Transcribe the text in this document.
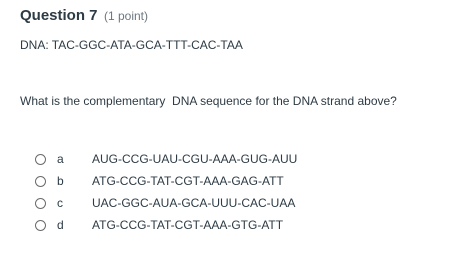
Question 7 (1 point)
DNA: TAC-GGC-ATA-GCA-TTT-CAC-TAA
What is the complementary  DNA sequence for the DNA strand above?
a	AUG-CCG-UAU-CGU-AAA-GUG-AUU
b	ATG-CCG-TAT-CGT-AAA-GAG-ATT
c	UAC-GGC-AUA-GCA-UUU-CAC-UAA
d	ATG-CCG-TAT-CGT-AAA-GTG-ATT
